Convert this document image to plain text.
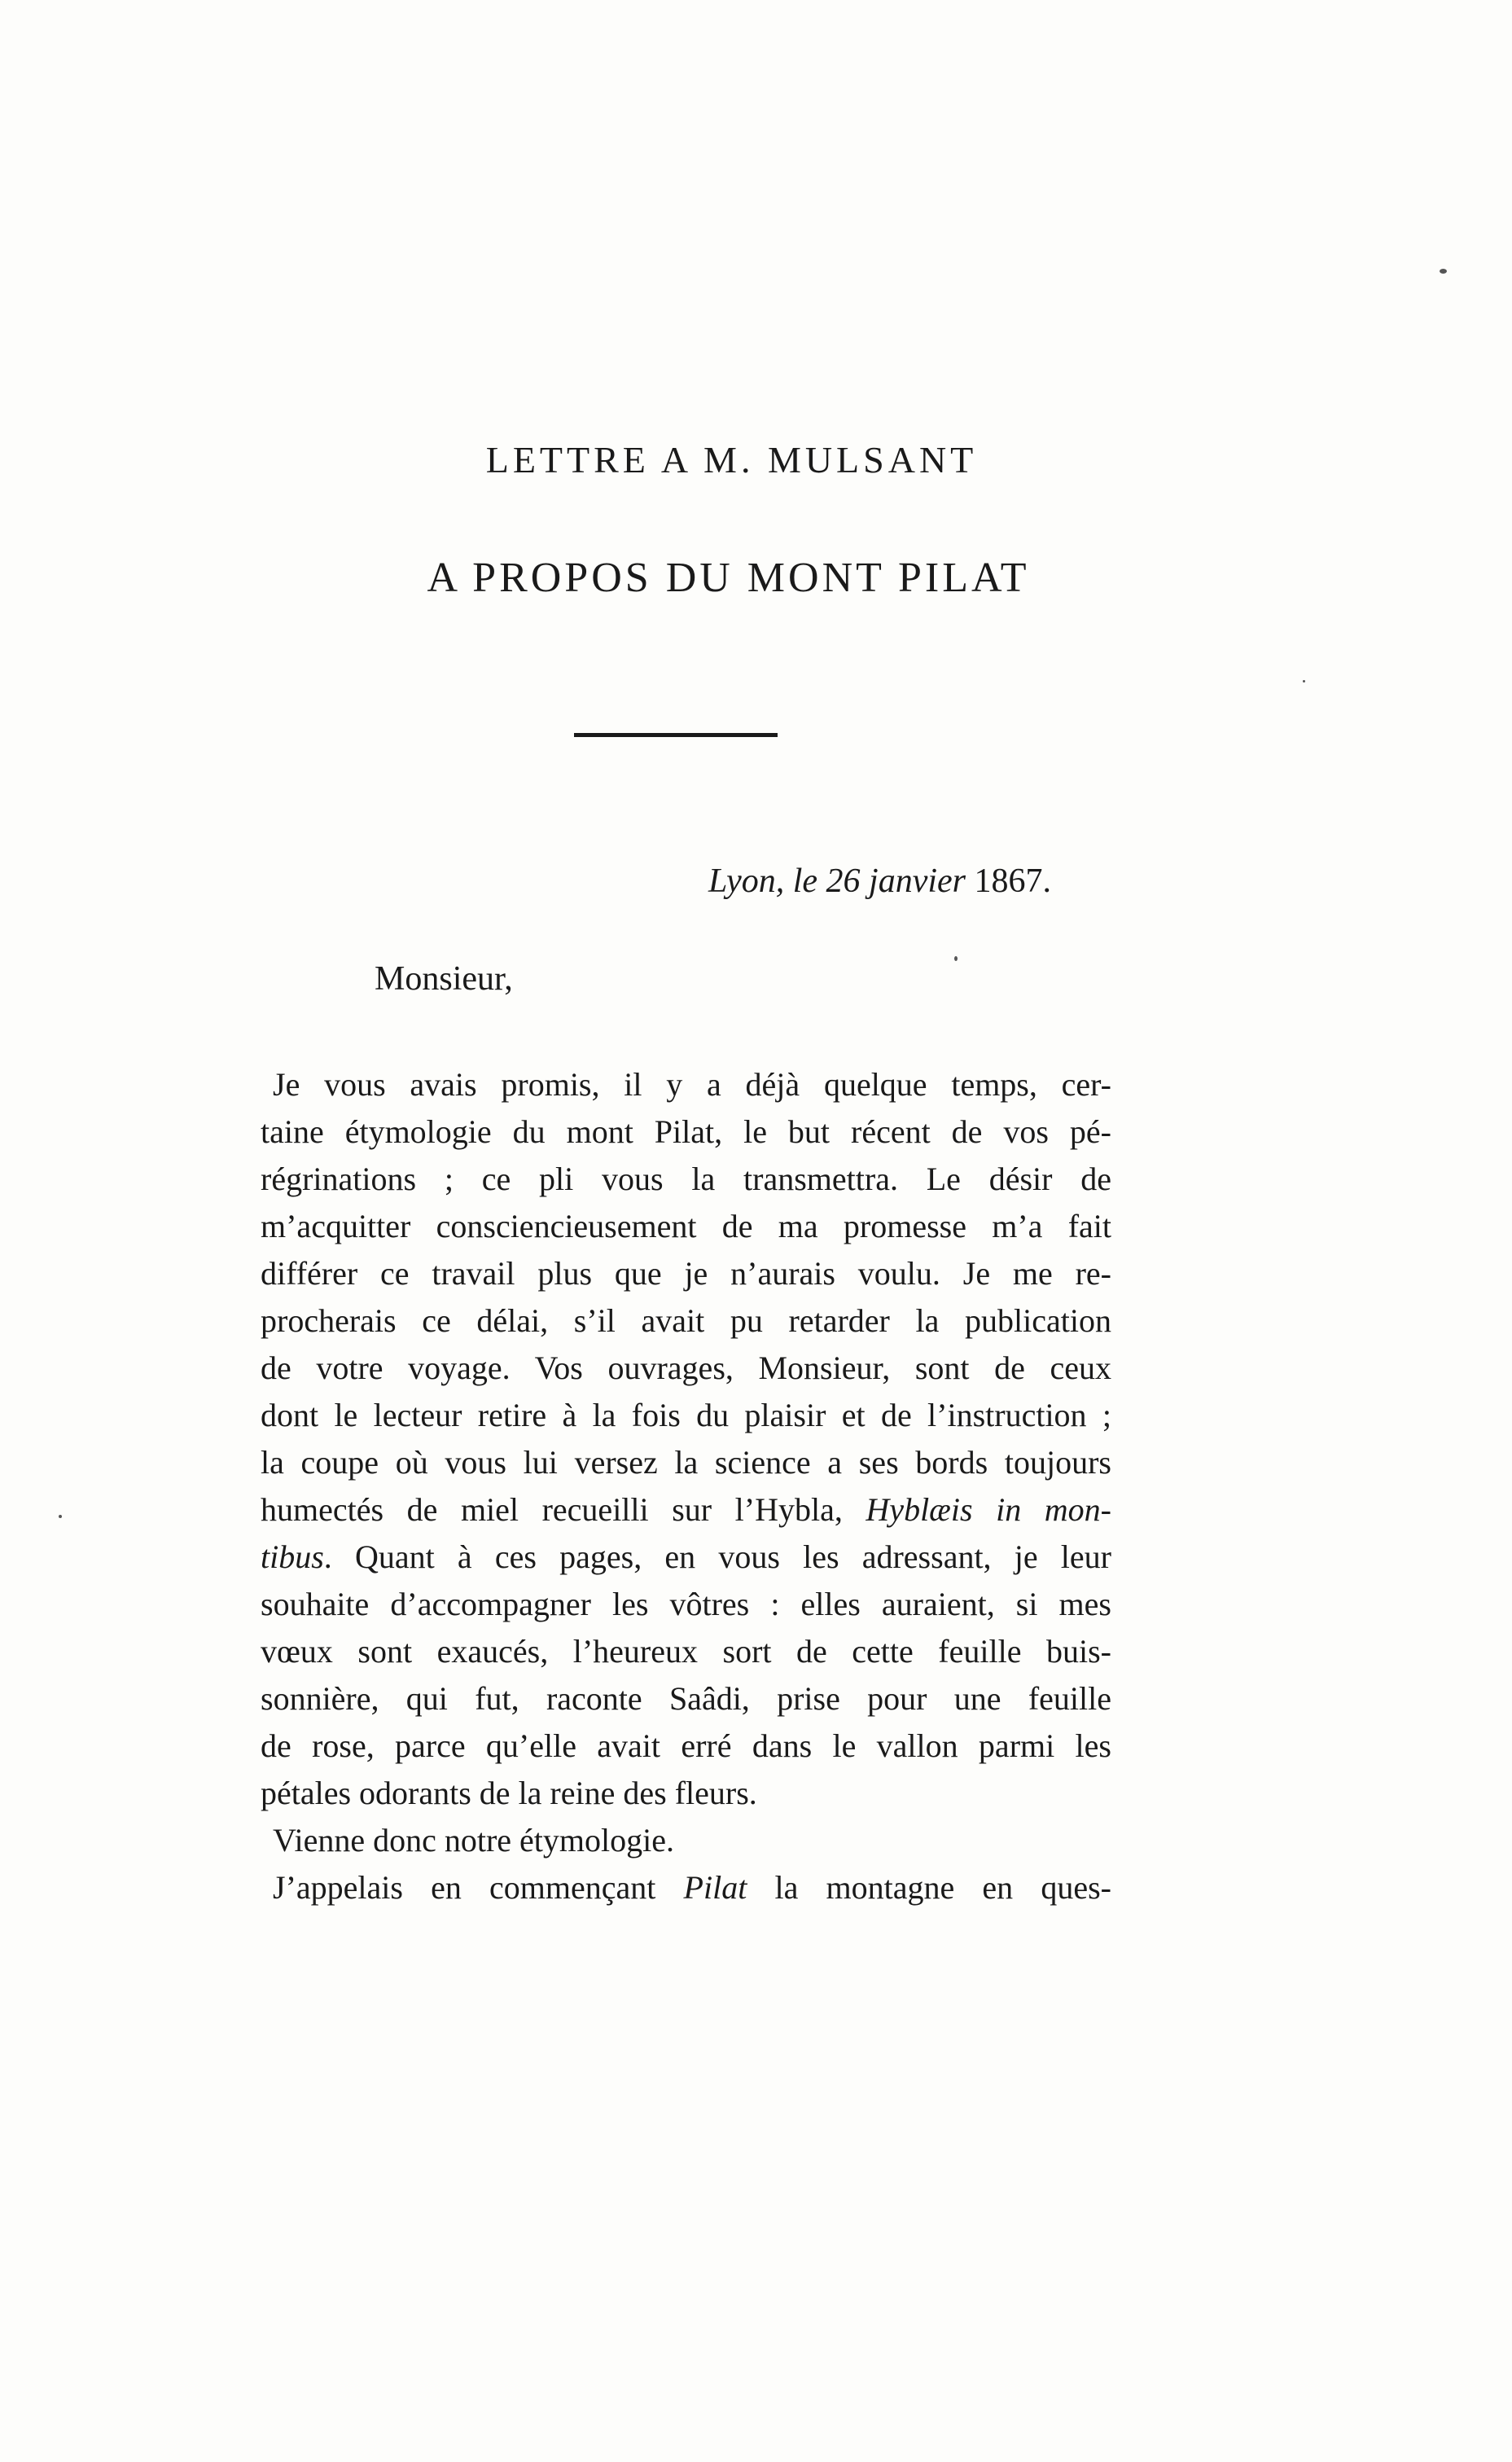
LETTRE A M. MULSANT
A PROPOS DU MONT PILAT
Lyon, le 26 janvier 1867.
Monsieur,
Je vous avais promis, il y a déjà quelque temps, cer-
taine étymologie du mont Pilat, le but récent de vos pé-
régrinations ; ce pli vous la transmettra. Le désir de
m’acquitter consciencieusement de ma promesse m’a fait
différer ce travail plus que je n’aurais voulu. Je me re-
procherais ce délai, s’il avait pu retarder la publication
de votre voyage. Vos ouvrages, Monsieur, sont de ceux
dont le lecteur retire à la fois du plaisir et de l’instruction ;
la coupe où vous lui versez la science a ses bords toujours
humectés de miel recueilli sur l’Hybla, Hyblæis in mon-
tibus. Quant à ces pages, en vous les adressant, je leur
souhaite d’accompagner les vôtres : elles auraient, si mes
vœux sont exaucés, l’heureux sort de cette feuille buis-
sonnière, qui fut, raconte Saâdi, prise pour une feuille
de rose, parce qu’elle avait erré dans le vallon parmi les
pétales odorants de la reine des fleurs.
Vienne donc notre étymologie.
J’appelais en commençant Pilat la montagne en ques-
